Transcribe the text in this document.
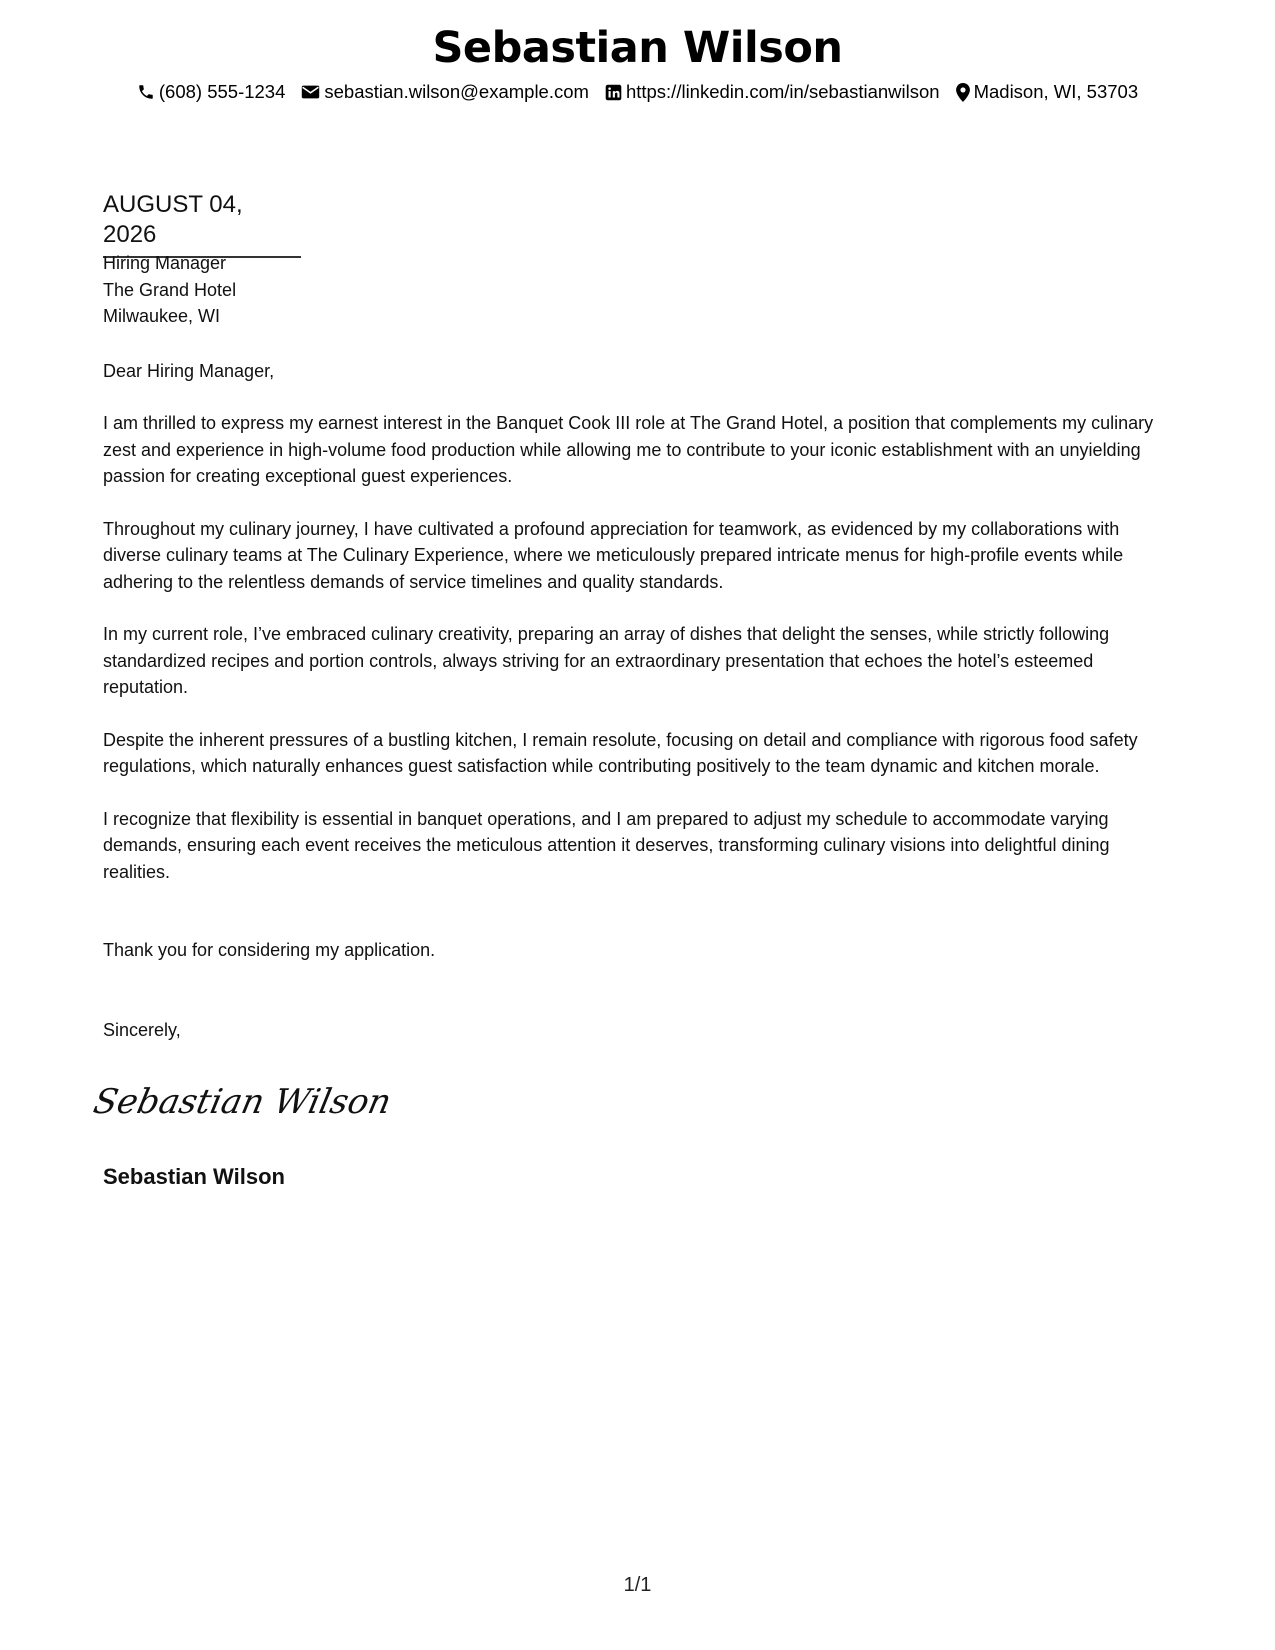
Sebastian Wilson
(608) 555-1234 sebastian.wilson@example.com https://linkedin.com/in/sebastianwilson Madison, WI, 53703
AUGUST 04, 2026
Hiring Manager
The Grand Hotel
Milwaukee, WI
Dear Hiring Manager,

I am thrilled to express my earnest interest in the Banquet Cook III role at The Grand Hotel, a position that complements my culinary zest and experience in high-volume food production while allowing me to contribute to your iconic establishment with an unyielding passion for creating exceptional guest experiences.

Throughout my culinary journey, I have cultivated a profound appreciation for teamwork, as evidenced by my collaborations with diverse culinary teams at The Culinary Experience, where we meticulously prepared intricate menus for high-profile events while adhering to the relentless demands of service timelines and quality standards.

In my current role, I’ve embraced culinary creativity, preparing an array of dishes that delight the senses, while strictly following standardized recipes and portion controls, always striving for an extraordinary presentation that echoes the hotel’s esteemed reputation.

Despite the inherent pressures of a bustling kitchen, I remain resolute, focusing on detail and compliance with rigorous food safety regulations, which naturally enhances guest satisfaction while contributing positively to the team dynamic and kitchen morale.

I recognize that flexibility is essential in banquet operations, and I am prepared to adjust my schedule to accommodate varying demands, ensuring each event receives the meticulous attention it deserves, transforming culinary visions into delightful dining realities.

Thank you for considering my application.
Sincerely,
Sebastian Wilson
Sebastian Wilson
1/1
